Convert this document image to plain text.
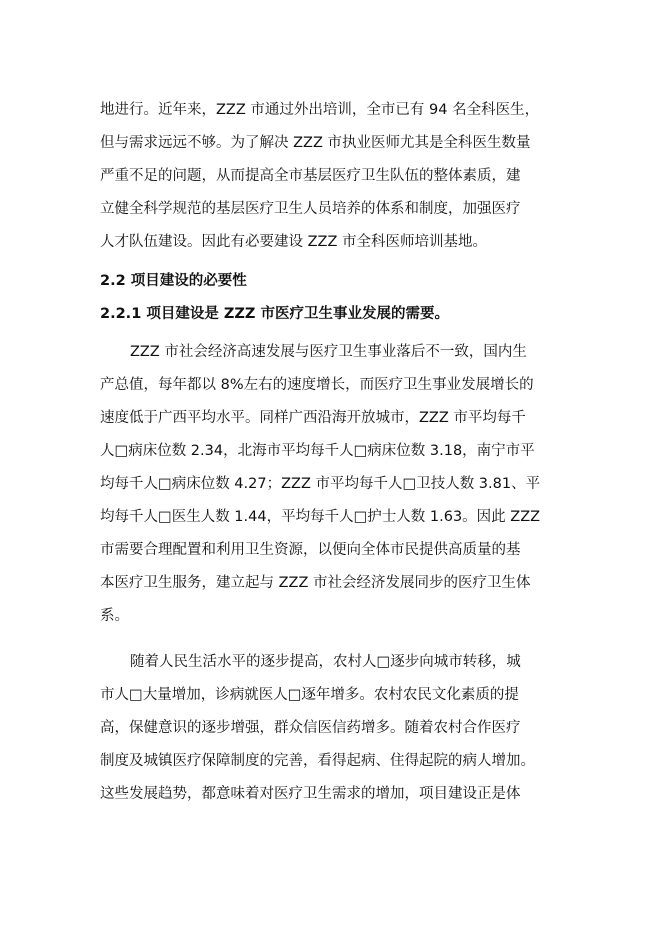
地进行。近年来，ZZZ 市通过外出培训，全市已有 94 名全科医生，
但与需求远远不够。为了解决 ZZZ 市执业医师尤其是全科医生数量
严重不足的问题，从而提高全市基层医疗卫生队伍的整体素质，建
立健全科学规范的基层医疗卫生人员培养的体系和制度，加强医疗
人才队伍建设。因此有必要建设 ZZZ 市全科医师培训基地。
2.2 项目建设的必要性
2.2.1 项目建设是 ZZZ 市医疗卫生事业发展的需要。
ZZZ 市社会经济高速发展与医疗卫生事业落后不一致，国内生
产总值，每年都以 8%左右的速度增长，而医疗卫生事业发展增长的
速度低于广西平均水平。同样广西沿海开放城市，ZZZ 市平均每千
人□病床位数 2.34，北海市平均每千人□病床位数 3.18，南宁市平
均每千人□病床位数 4.27；ZZZ 市平均每千人□卫技人数 3.81、平
均每千人□医生人数 1.44，平均每千人□护士人数 1.63。因此 ZZZ
市需要合理配置和利用卫生资源，以便向全体市民提供高质量的基
本医疗卫生服务，建立起与 ZZZ 市社会经济发展同步的医疗卫生体
系。
随着人民生活水平的逐步提高，农村人□逐步向城市转移，城
市人□大量增加，诊病就医人□逐年增多。农村农民文化素质的提
高，保健意识的逐步增强，群众信医信药增多。随着农村合作医疗
制度及城镇医疗保障制度的完善，看得起病、住得起院的病人增加。
这些发展趋势，都意味着对医疗卫生需求的增加，项目建设正是体
